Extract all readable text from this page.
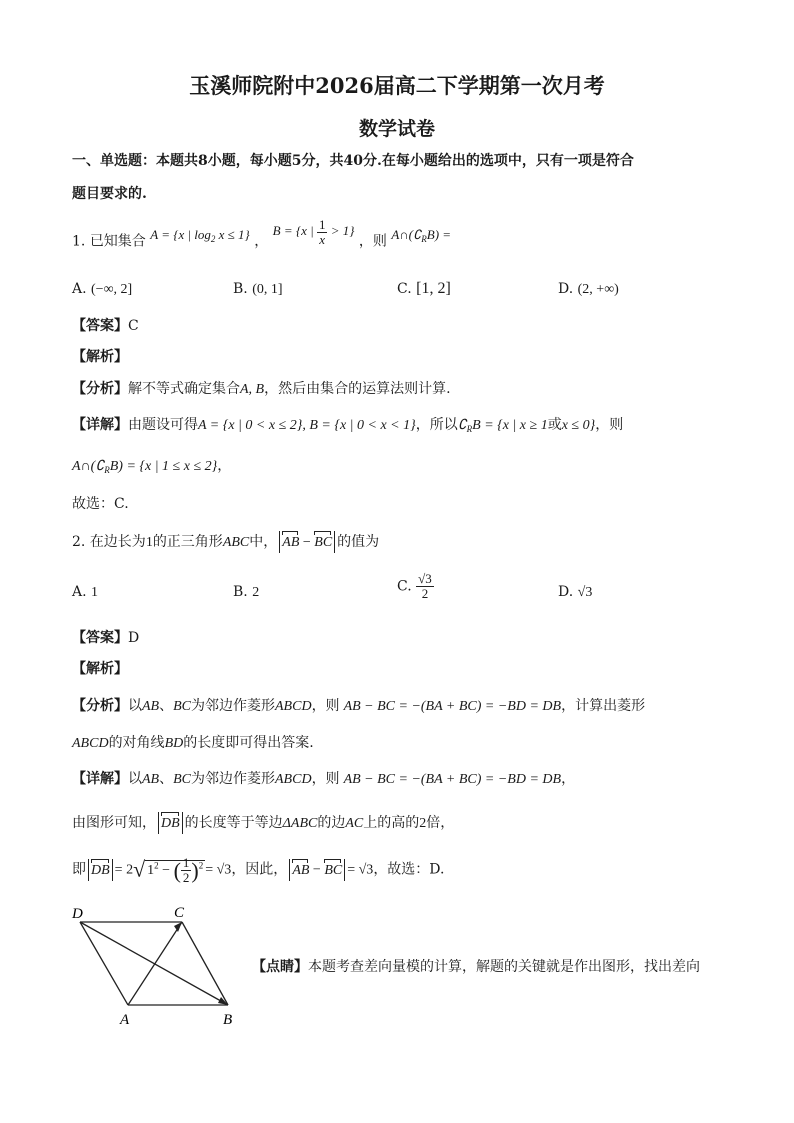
玉溪师院附中2026届高二下学期第一次月考
数学试卷
一、单选题：本题共8小题，每小题5分，共40分.在每小题给出的选项中，只有一项是符合
题目要求的.
1. 已知集合 A = {x | $\log_2 x \le 1$} ， B = {x | $\frac{1}{x} > 1$} ，则 $A\cap(∁_RB)$ =
A. (−∞, 2]	B. (0, 1]	C. [1, 2]	D. (2, +∞)
【答案】C
【解析】
【分析】解不等式确定集合A, B，然后由集合的运算法则计算.
【详解】由题设可得A = {x | 0 < x ≤ 2}, B = {x | 0 < x < 1}，所以$∁_RB = \{x$ | x ≥ 1或x ≤ 0}，则
$A\cap(∁_RB) = \{x$ | 1 ≤ x ≤ 2}，
故选：C.
2. 在边长为1的正三角形ABC中， AB − BC 的值为
A. 1	B. 2	C. $\frac{√3}{2}$	D. √3
【答案】D
【解析】
【分析】以AB、BC为邻边作菱形ABCD，则 AB − BC = −(BA + BC) = −BD = DB，计算出菱形
ABCD的对角线BD的长度即可得出答案.
【详解】以AB、BC为邻边作菱形ABCD，则 AB − BC = −(BA + BC) = −BD = DB，
由图形可知， DB 的长度等于等边ΔABC的边AC上的高的2倍，
即 DB = 2√ $1^2$ − ( $\frac{1}{2} )^2 = √3$，因此， AB − BC = √3，故选：D.
D	C
A	B
【点睛】本题考查差向量模的计算，解题的关键就是作出图形，找出差向
